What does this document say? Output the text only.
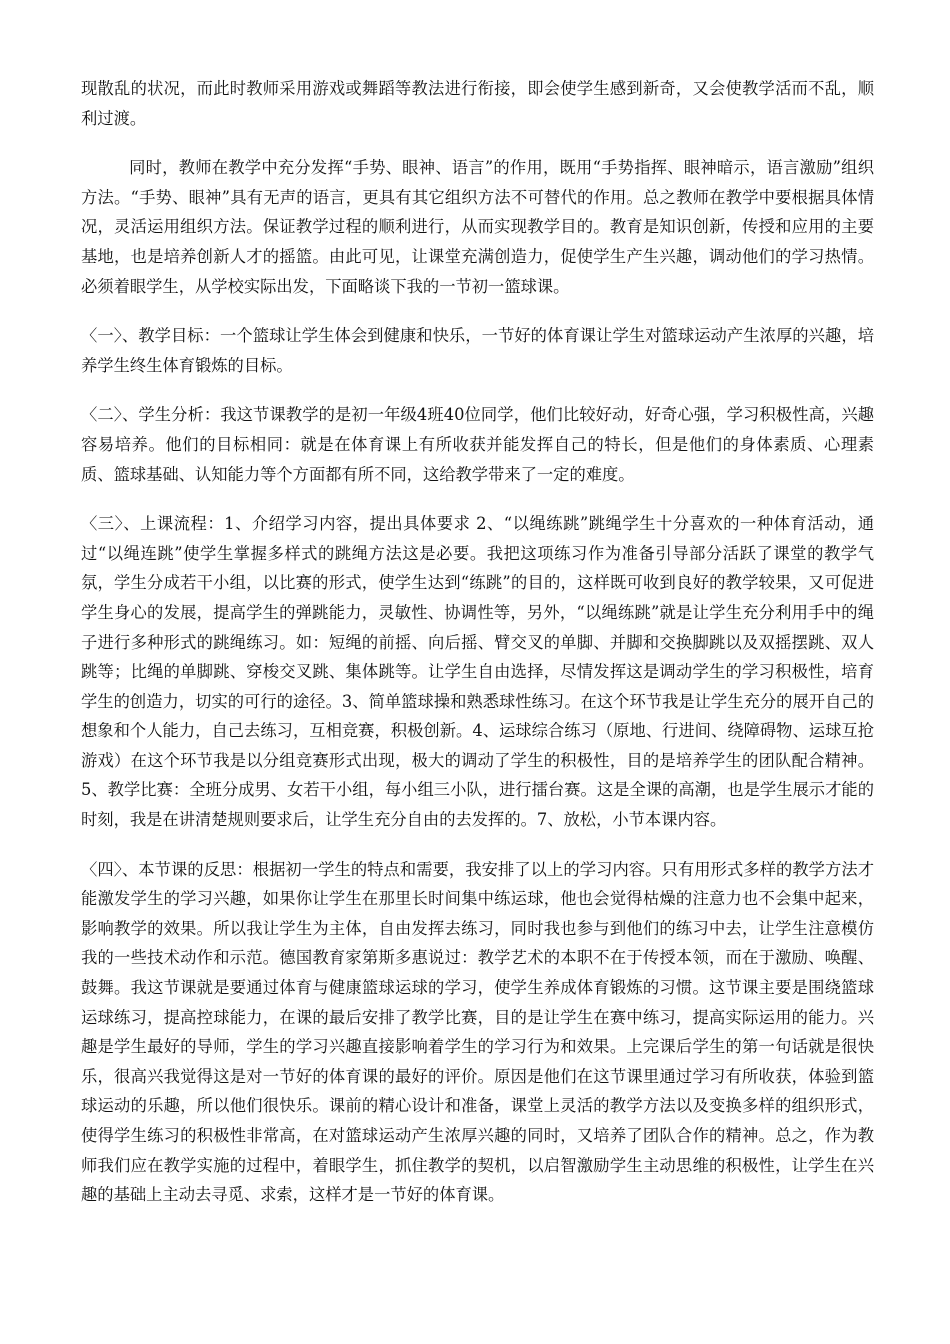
现散乱的状况，而此时教师采用游戏或舞蹈等教法进行衔接，即会使学生感到新奇，又会使教学活而不乱，顺利过渡。

同时，教师在教学中充分发挥“手势、眼神、语言”的作用，既用“手势指挥、眼神暗示，语言激励”组织方法。“手势、眼神”具有无声的语言，更具有其它组织方法不可替代的作用。总之教师在教学中要根据具体情况，灵活运用组织方法。保证教学过程的顺利进行，从而实现教学目的。教育是知识创新，传授和应用的主要基地，也是培养创新人才的摇篮。由此可见，让课堂充满创造力，促使学生产生兴趣，调动他们的学习热情。必须着眼学生，从学校实际出发，下面略谈下我的一节初一篮球课。

〈一〉、教学目标：一个篮球让学生体会到健康和快乐，一节好的体育课让学生对篮球运动产生浓厚的兴趣，培养学生终生体育锻炼的目标。

〈二〉、学生分析：我这节课教学的是初一年级4班40位同学，他们比较好动，好奇心强，学习积极性高，兴趣容易培养。他们的目标相同：就是在体育课上有所收获并能发挥自己的特长，但是他们的身体素质、心理素质、篮球基础、认知能力等个方面都有所不同，这给教学带来了一定的难度。

〈三〉、上课流程：1、介绍学习内容，提出具体要求 2、“以绳练跳”跳绳学生十分喜欢的一种体育活动，通过“以绳连跳”使学生掌握多样式的跳绳方法这是必要。我把这项练习作为准备引导部分活跃了课堂的教学气氛，学生分成若干小组，以比赛的形式，使学生达到“练跳”的目的，这样既可收到良好的教学较果，又可促进学生身心的发展，提高学生的弹跳能力，灵敏性、协调性等，另外，“以绳练跳”就是让学生充分利用手中的绳子进行多种形式的跳绳练习。如：短绳的前摇、向后摇、臂交叉的单脚、并脚和交换脚跳以及双摇摆跳、双人跳等；比绳的单脚跳、穿梭交叉跳、集体跳等。让学生自由选择，尽情发挥这是调动学生的学习积极性，培育学生的创造力，切实的可行的途径。3、简单篮球操和熟悉球性练习。在这个环节我是让学生充分的展开自己的想象和个人能力，自己去练习，互相竞赛，积极创新。4、运球综合练习（原地、行进间、绕障碍物、运球互抢游戏）在这个环节我是以分组竞赛形式出现，极大的调动了学生的积极性，目的是培养学生的团队配合精神。5、教学比赛：全班分成男、女若干小组，每小组三小队，进行擂台赛。这是全课的高潮，也是学生展示才能的时刻，我是在讲清楚规则要求后，让学生充分自由的去发挥的。7、放松，小节本课内容。

〈四〉、本节课的反思：根据初一学生的特点和需要，我安排了以上的学习内容。只有用形式多样的教学方法才能激发学生的学习兴趣，如果你让学生在那里长时间集中练运球，他也会觉得枯燥的注意力也不会集中起来，影响教学的效果。所以我让学生为主体，自由发挥去练习，同时我也参与到他们的练习中去，让学生注意模仿我的一些技术动作和示范。德国教育家第斯多惠说过：教学艺术的本职不在于传授本领，而在于激励、唤醒、鼓舞。我这节课就是要通过体育与健康篮球运球的学习，使学生养成体育锻炼的习惯。这节课主要是围绕篮球运球练习，提高控球能力，在课的最后安排了教学比赛，目的是让学生在赛中练习，提高实际运用的能力。兴趣是学生最好的导师，学生的学习兴趣直接影响着学生的学习行为和效果。上完课后学生的第一句话就是很快乐，很高兴我觉得这是对一节好的体育课的最好的评价。原因是他们在这节课里通过学习有所收获，体验到篮球运动的乐趣，所以他们很快乐。课前的精心设计和准备，课堂上灵活的教学方法以及变换多样的组织形式，使得学生练习的积极性非常高，在对篮球运动产生浓厚兴趣的同时，又培养了团队合作的精神。总之，作为教师我们应在教学实施的过程中，着眼学生，抓住教学的契机，以启智激励学生主动思维的积极性，让学生在兴趣的基础上主动去寻觅、求索，这样才是一节好的体育课。
